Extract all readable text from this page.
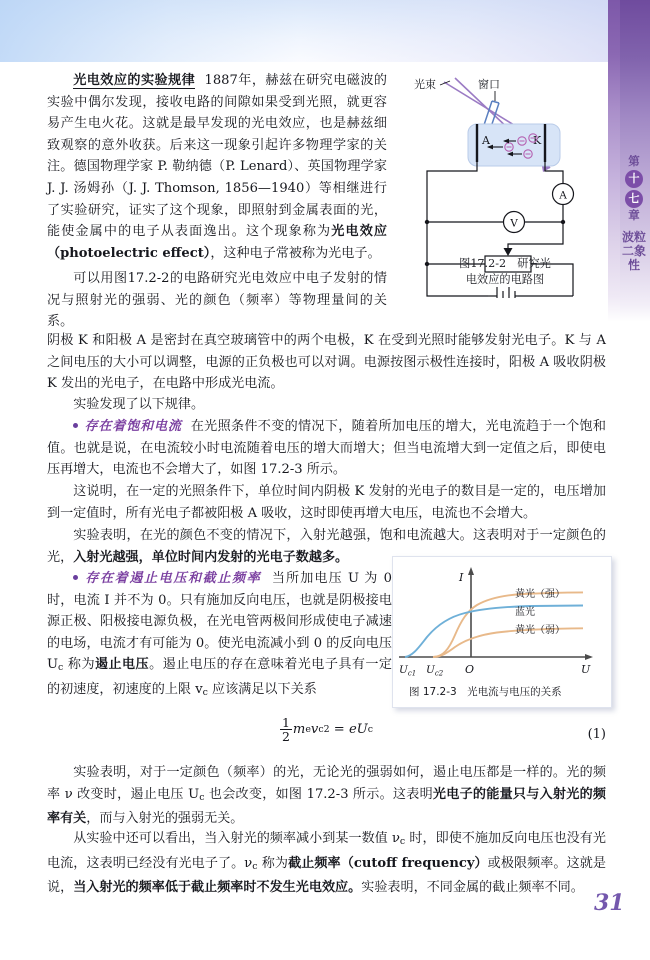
第
十
七
章
波粒二象性
光电效应的实验规律 1887年，赫兹在研究电磁波的实验中偶尔发现，接收电路的间隙如果受到光照，就更容易产生电火花。这就是最早发现的光电效应，也是赫兹细致观察的意外收获。后来这一现象引起许多物理学家的关注。德国物理学家 P. 勒纳德（P. Lenard）、英国物理学家 J. J. 汤姆孙（J. J. Thomson, 1856—1940）等相继进行了实验研究，证实了这个现象，即照射到金属表面的光，能使金属中的电子从表面逸出。这个现象称为光电效应（photoelectric effect），这种电子常被称为光电子。
可以用图17.2-2的电路研究光电效应中电子发射的情况与照射光的强弱、光的颜色（频率）等物理量间的关系。
阴极 K 和阳极 A 是密封在真空玻璃管中的两个电极，K 在受到光照时能够发射光电子。K 与 A 之间电压的大小可以调整，电源的正负极也可以对调。电源按图示极性连接时，阳极 A 吸收阴极 K 发出的光电子，在电路中形成光电流。
实验发现了以下规律。
存在着饱和电流 在光照条件不变的情况下，随着所加电压的增大，光电流趋于一个饱和值。也就是说，在电流较小时电流随着电压的增大而增大；但当电流增大到一定值之后，即使电压再增大，电流也不会增大了，如图 17.2-3 所示。
这说明，在一定的光照条件下，单位时间内阴极 K 发射的光电子的数目是一定的，电压增加到一定值时，所有光电子都被阳极 A 吸收，这时即使再增大电压，电流也不会增大。
实验表明，在光的颜色不变的情况下，入射光越强，饱和电流越大。这表明对于一定颜色的光，入射光越强，单位时间内发射的光电子数越多。
存在着遏止电压和截止频率 当所加电压 U 为 0 时，电流 I 并不为 0。只有施加反向电压，也就是阴极接电源正极、阳极接电源负极，在光电管两极间形成使电子减速的电场，电流才有可能为 0。使光电流减小到 0 的反向电压 $U_c$ 称为遏止电压。遏止电压的存在意味着光电子具有一定的初速度，初速度的上限 $v_c$ 应该满足以下关系
$\frac{1}{2}$ m e v c 2
=
eU c	(1)
实验表明，对于一定颜色（频率）的光，无论光的强弱如何，遏止电压都是一样的。光的频率 ν 改变时，遏止电压 $U_c$ 也会改变，如图 17.2-3 所示。这表明光电子的能量只与入射光的频率有关，而与入射光的强弱无关。
从实验中还可以看出，当入射光的频率减小到某一数值 $\nu_c$ 时，即使不施加反向电压也没有光电流，这表明已经没有光电子了。$\nu_c$ 称为截止频率（cutoff frequency）或极限频率。这就是说，当入射光的频率低于截止频率时不发生光电效应。实验表明，不同金属的截止频率不同。
A	K
A
V
光束	窗口
图17.2-2　研究光
电效应的电路图
I
U
O
$U_{c1}$ $U_{c2}$
黄光（强）
蓝光
黄光（弱）
图 17.2-3　光电流与电压的关系
31
